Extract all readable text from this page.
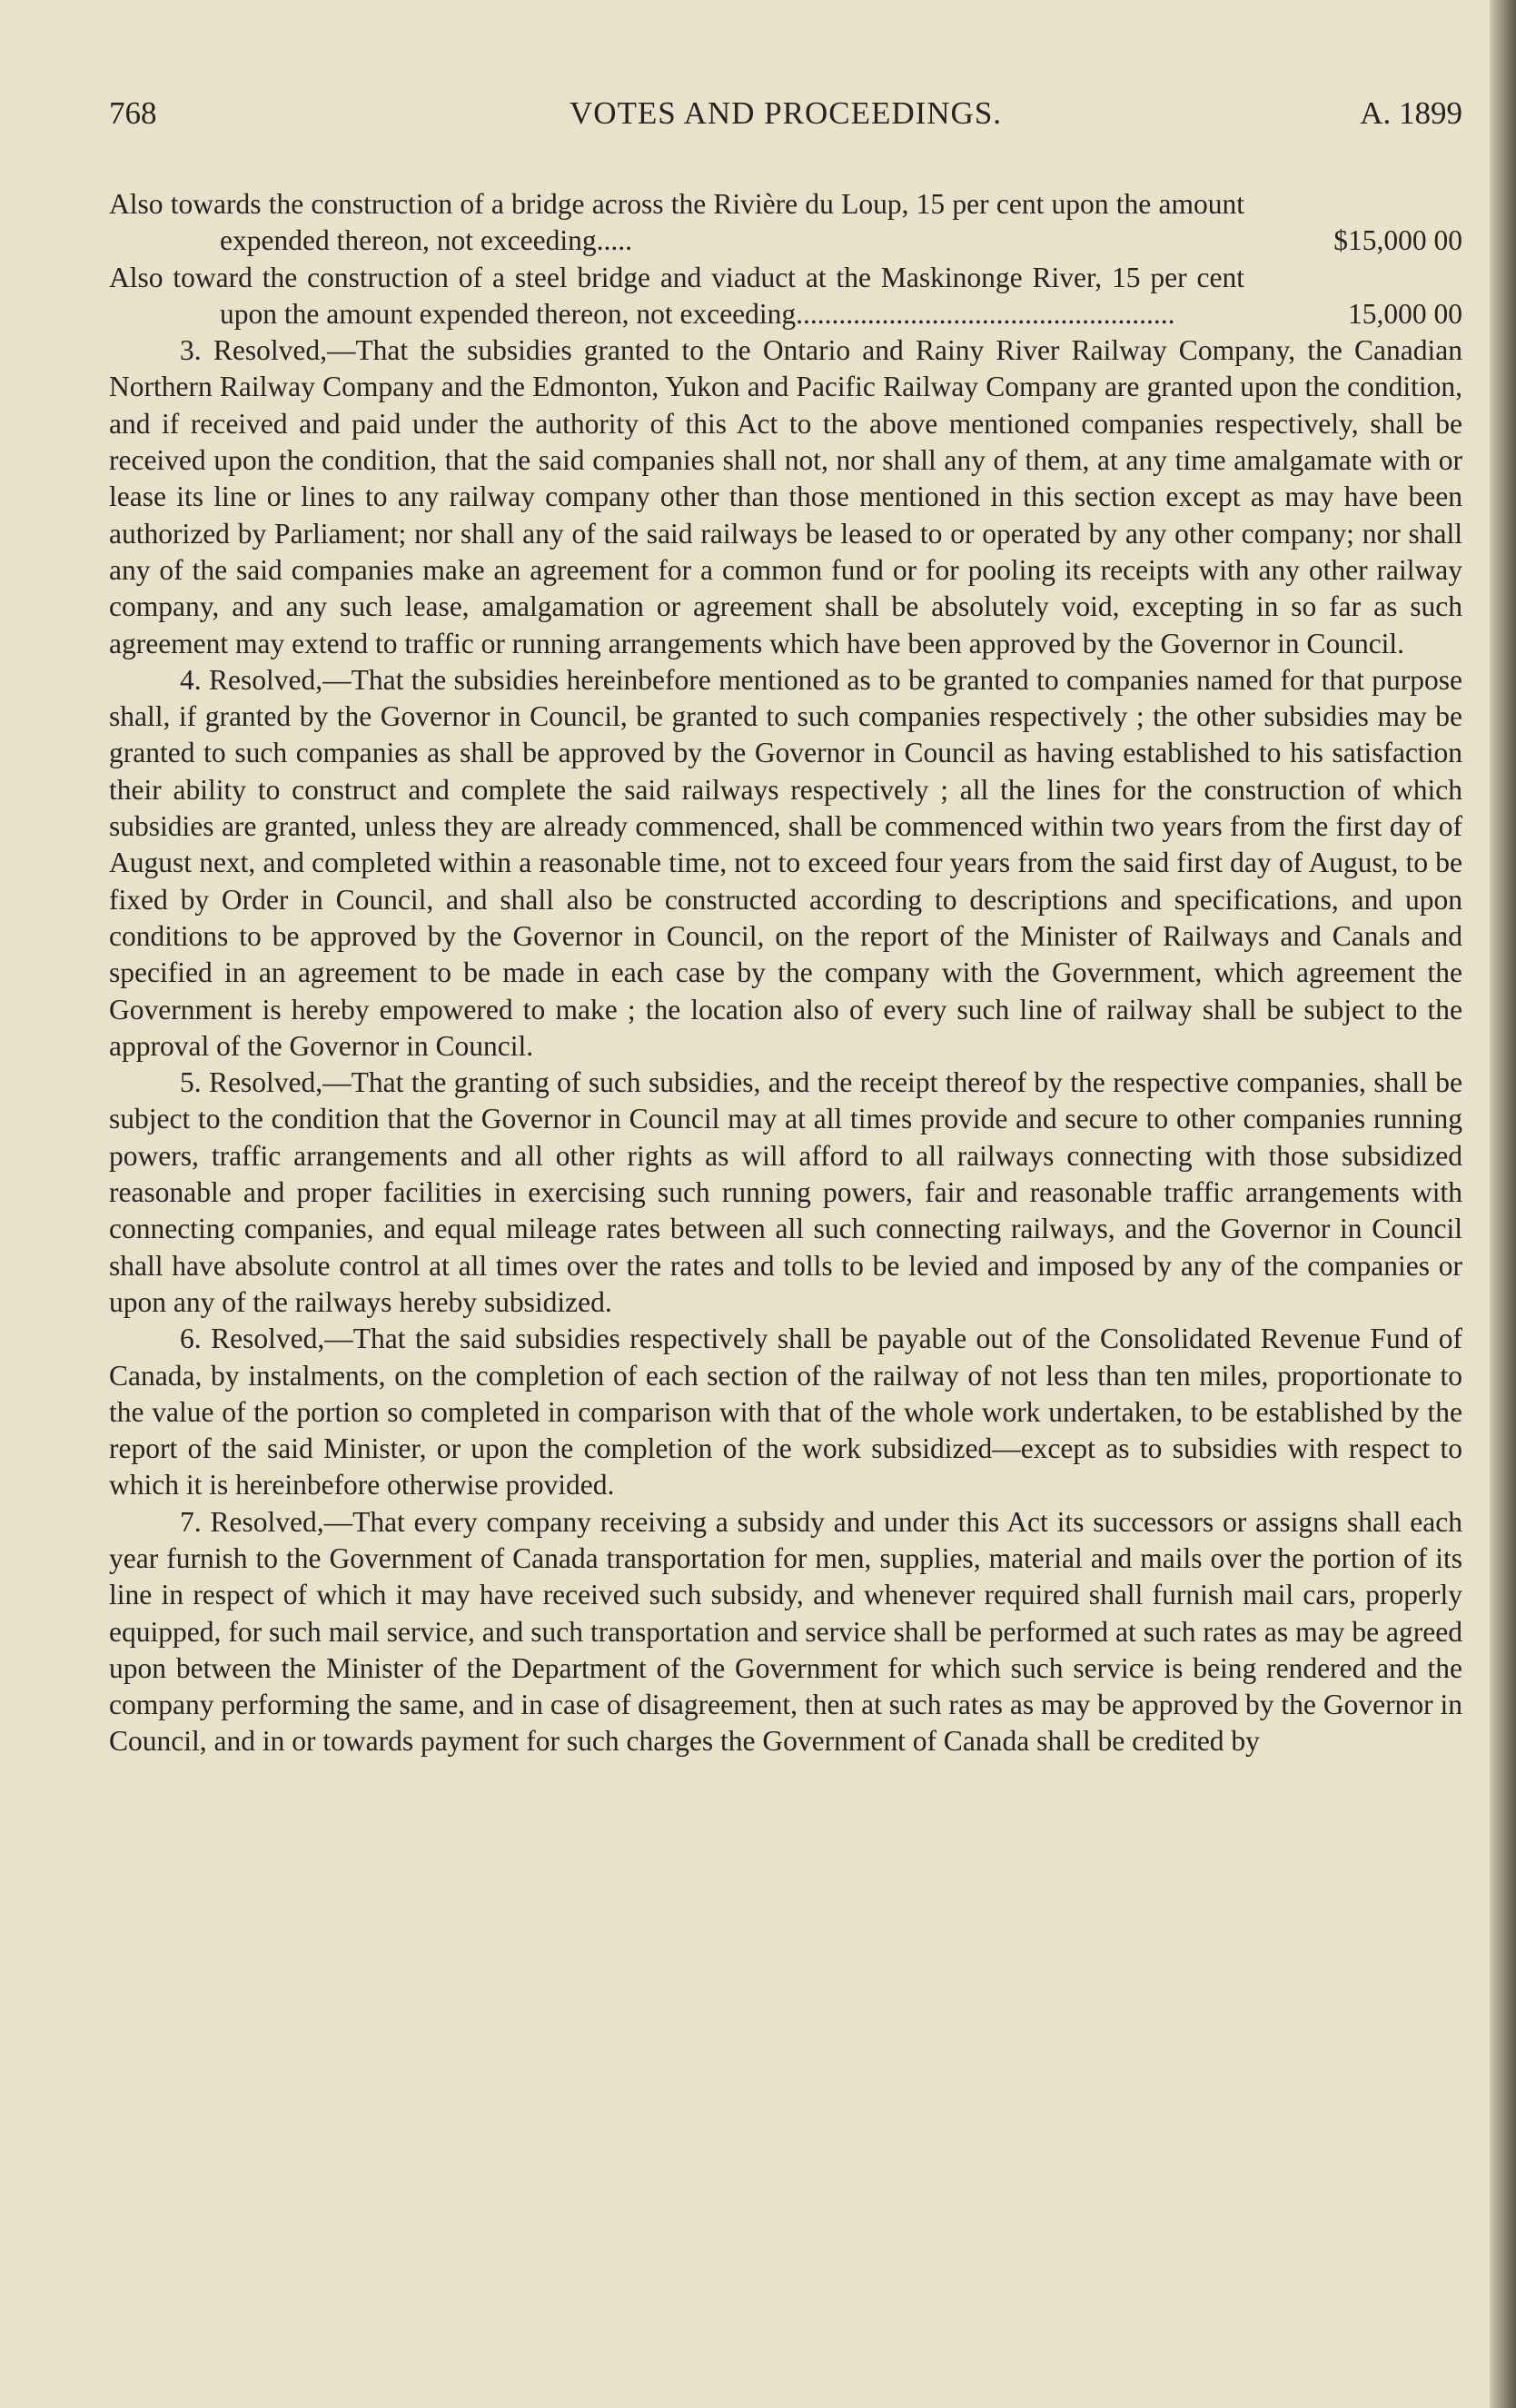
768	VOTES AND PROCEEDINGS.	A. 1899
Also towards the construction of a bridge across the Rivière du Loup, 15 per cent upon the amount expended thereon, not exceeding.....	$15,000 00
Also toward the construction of a steel bridge and viaduct at the Maskinonge River, 15 per cent upon the amount expended thereon, not exceeding.....................................................	15,000 00

3. Resolved,—That the subsidies granted to the Ontario and Rainy River Railway Company, the Canadian Northern Railway Company and the Edmonton, Yukon and Pacific Railway Company are granted upon the condition, and if received and paid under the authority of this Act to the above mentioned companies respectively, shall be received upon the condition, that the said companies shall not, nor shall any of them, at any time amalgamate with or lease its line or lines to any railway company other than those mentioned in this section except as may have been authorized by Parliament; nor shall any of the said railways be leased to or operated by any other company; nor shall any of the said companies make an agreement for a common fund or for pooling its receipts with any other railway company, and any such lease, amalgamation or agreement shall be absolutely void, excepting in so far as such agreement may extend to traffic or running arrangements which have been approved by the Governor in Council.

4. Resolved,—That the subsidies hereinbefore mentioned as to be granted to companies named for that purpose shall, if granted by the Governor in Council, be granted to such companies respectively ; the other subsidies may be granted to such companies as shall be approved by the Governor in Council as having established to his satisfaction their ability to construct and complete the said railways respectively ; all the lines for the construction of which subsidies are granted, unless they are already commenced, shall be commenced within two years from the first day of August next, and completed within a reasonable time, not to exceed four years from the said first day of August, to be fixed by Order in Council, and shall also be constructed according to descriptions and specifications, and upon conditions to be approved by the Governor in Council, on the report of the Minister of Railways and Canals and specified in an agreement to be made in each case by the company with the Government, which agreement the Government is hereby empowered to make ; the location also of every such line of railway shall be subject to the approval of the Governor in Council.

5. Resolved,—That the granting of such subsidies, and the receipt thereof by the respective companies, shall be subject to the condition that the Governor in Council may at all times provide and secure to other companies running powers, traffic arrangements and all other rights as will afford to all railways connecting with those subsidized reasonable and proper facilities in exercising such running powers, fair and reasonable traffic arrangements with connecting companies, and equal mileage rates between all such connecting railways, and the Governor in Council shall have absolute control at all times over the rates and tolls to be levied and imposed by any of the companies or upon any of the railways hereby subsidized.

6. Resolved,—That the said subsidies respectively shall be payable out of the Consolidated Revenue Fund of Canada, by instalments, on the completion of each section of the railway of not less than ten miles, proportionate to the value of the portion so completed in comparison with that of the whole work undertaken, to be established by the report of the said Minister, or upon the completion of the work subsidized—except as to subsidies with respect to which it is hereinbefore otherwise provided.

7. Resolved,—That every company receiving a subsidy and under this Act its successors or assigns shall each year furnish to the Government of Canada transportation for men, supplies, material and mails over the portion of its line in respect of which it may have received such subsidy, and whenever required shall furnish mail cars, properly equipped, for such mail service, and such transportation and service shall be performed at such rates as may be agreed upon between the Minister of the Department of the Government for which such service is being rendered and the company performing the same, and in case of disagreement, then at such rates as may be approved by the Governor in Council, and in or towards payment for such charges the Government of Canada shall be credited by
